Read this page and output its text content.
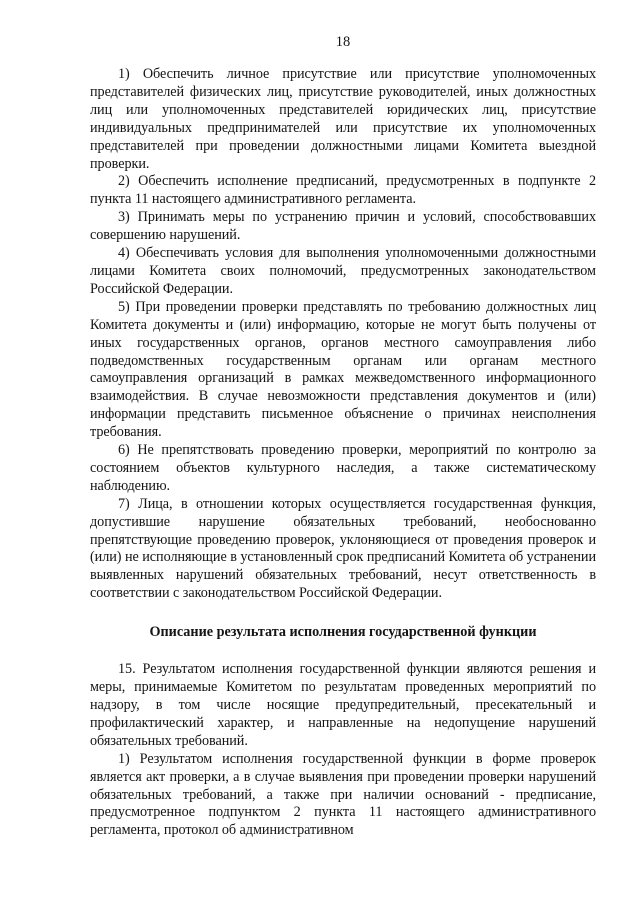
18

1) Обеспечить личное присутствие или присутствие уполномоченных представителей физических лиц, присутствие руководителей, иных должностных лиц или уполномоченных представителей юридических лиц, присутствие индивидуальных предпринимателей или присутствие их уполномоченных представителей при проведении должностными лицами Комитета выездной проверки.

2) Обеспечить исполнение предписаний, предусмотренных в подпункте 2 пункта 11 настоящего административного регламента.

3) Принимать меры по устранению причин и условий, способствовавших совершению нарушений.

4) Обеспечивать условия для выполнения уполномоченными должностными лицами Комитета своих полномочий, предусмотренных законодательством Российской Федерации.

5) При проведении проверки представлять по требованию должностных лиц Комитета документы и (или) информацию, которые не могут быть получены от иных государственных органов, органов местного самоуправления либо подведомственных государственным органам или органам местного самоуправления организаций в рамках межведомственного информационного взаимодействия. В случае невозможности представления документов и (или) информации представить письменное объяснение о причинах неисполнения требования.

6) Не препятствовать проведению проверки, мероприятий по контролю за состоянием объектов культурного наследия, а также систематическому наблюдению.

7) Лица, в отношении которых осуществляется государственная функция, допустившие нарушение обязательных требований, необоснованно препятствующие проведению проверок, уклоняющиеся от проведения проверок и (или) не исполняющие в установленный срок предписаний Комитета об устранении выявленных нарушений обязательных требований, несут ответственность в соответствии с законодательством Российской Федерации.

Описание результата исполнения государственной функции

15. Результатом исполнения государственной функции являются решения и меры, принимаемые Комитетом по результатам проведенных мероприятий по надзору, в том числе носящие предупредительный, пресекательный и профилактический характер, и направленные на недопущение нарушений обязательных требований.

1) Результатом исполнения государственной функции в форме проверок является акт проверки, а в случае выявления при проведении проверки нарушений обязательных требований, а также при наличии оснований - предписание, предусмотренное подпунктом 2 пункта 11 настоящего административного регламента, протокол об административном
